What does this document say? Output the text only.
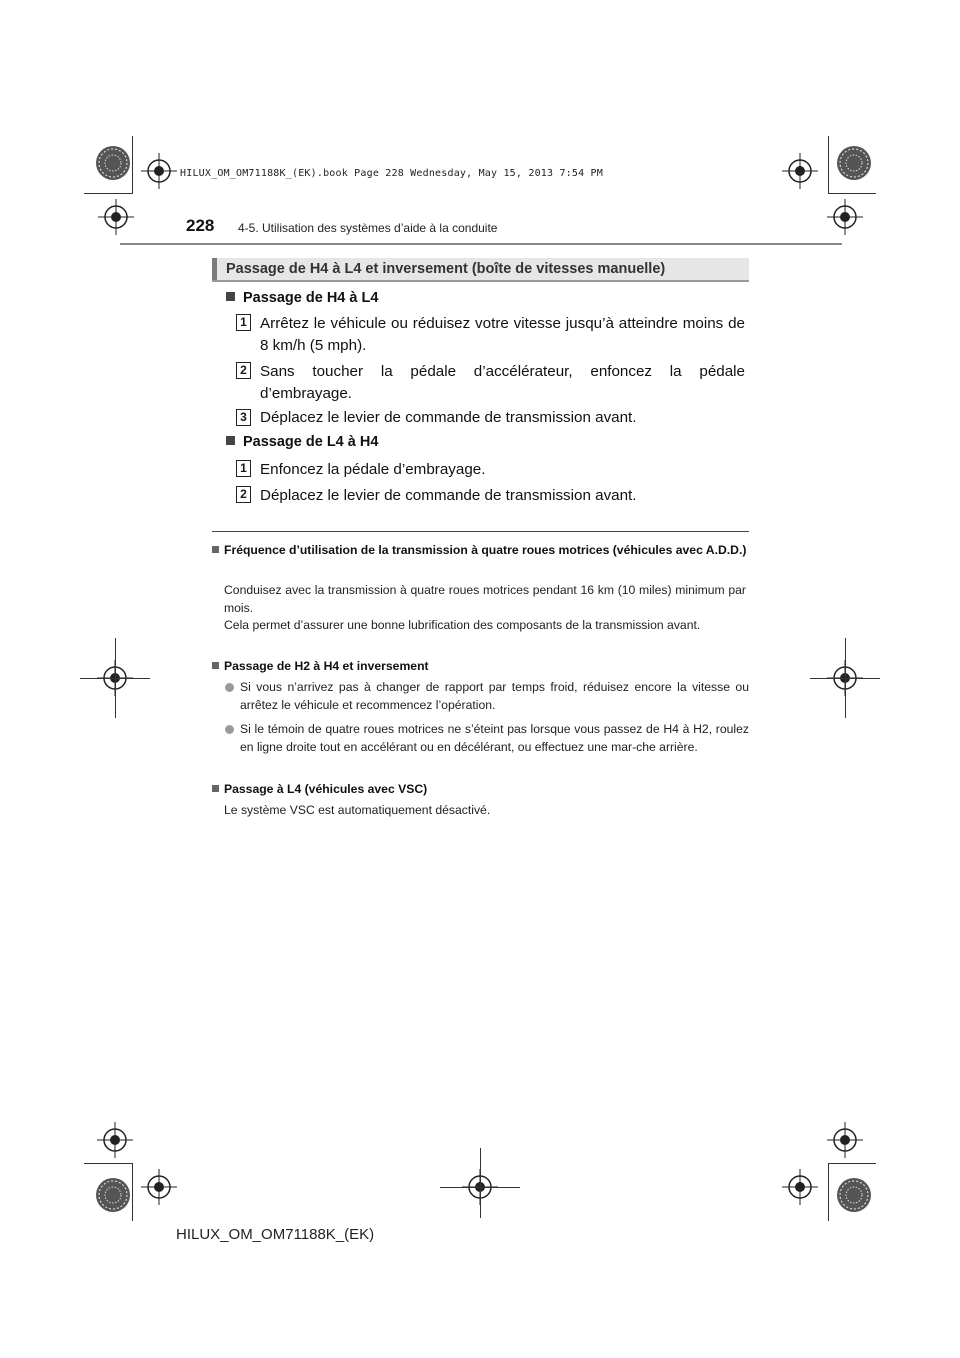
HILUX_OM_OM71188K_(EK).book Page 228 Wednesday, May 15, 2013 7:54 PM
228 4-5. Utilisation des systèmes d’aide à la conduite
Passage de H4 à L4 et inversement (boîte de vitesses manuelle)
Passage de H4 à L4
1 Arrêtez le véhicule ou réduisez votre vitesse jusqu’à atteindre moins de 8 km/h (5 mph).
2 Sans toucher la pédale d’accélérateur, enfoncez la pédale d’embrayage.
3 Déplacez le levier de commande de transmission avant.
Passage de L4 à H4
1 Enfoncez la pédale d’embrayage.
2 Déplacez le levier de commande de transmission avant.
Fréquence d’utilisation de la transmission à quatre roues motrices (véhicules avec A.D.D.)
Conduisez avec la transmission à quatre roues motrices pendant 16 km (10 miles) minimum par mois.
Cela permet d’assurer une bonne lubrification des composants de la transmission avant.
Passage de H2 à H4 et inversement
Si vous n’arrivez pas à changer de rapport par temps froid, réduisez encore la vitesse ou arrêtez le véhicule et recommencez l’opération.
Si le témoin de quatre roues motrices ne s’éteint pas lorsque vous passez de H4 à H2, roulez en ligne droite tout en accélérant ou en décélérant, ou effectuez une mar-che arrière.
Passage à L4 (véhicules avec VSC)
Le système VSC est automatiquement désactivé.
HILUX_OM_OM71188K_(EK)
